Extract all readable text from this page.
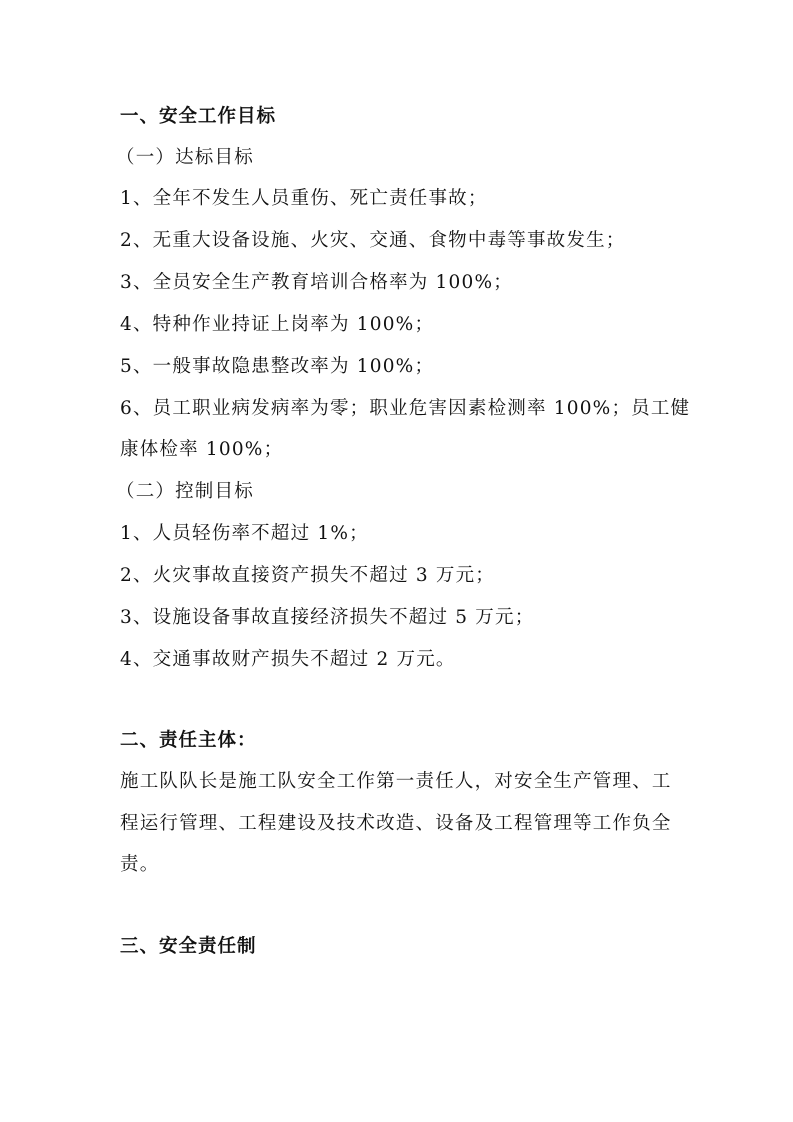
一、安全工作目标
（一）达标目标
1、全年不发生人员重伤、死亡责任事故；
2、无重大设备设施、火灾、交通、食物中毒等事故发生；
3、全员安全生产教育培训合格率为 100%；
4、特种作业持证上岗率为 100%；
5、一般事故隐患整改率为 100%；
6、员工职业病发病率为零；职业危害因素检测率 100%；员工健
康体检率 100%；
（二）控制目标
1、人员轻伤率不超过 1%；
2、火灾事故直接资产损失不超过 3 万元；
3、设施设备事故直接经济损失不超过 5 万元；
4、交通事故财产损失不超过 2 万元。
二、责任主体：
施工队队长是施工队安全工作第一责任人，对安全生产管理、工
程运行管理、工程建设及技术改造、设备及工程管理等工作负全
责。
三、安全责任制
